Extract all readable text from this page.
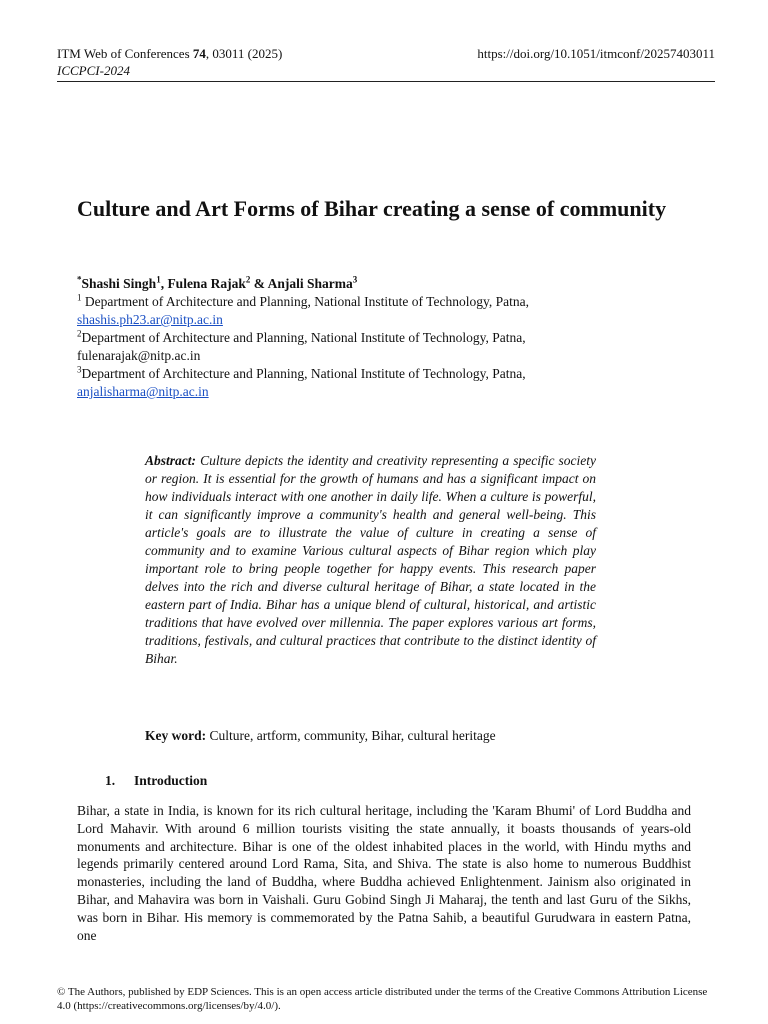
ITM Web of Conferences 74, 03011 (2025)	https://doi.org/10.1051/itmconf/20257403011
ICCPCI-2024
Culture and Art Forms of Bihar creating a sense of community
*Shashi Singh$^1$, Fulena Rajak$^2$ & Anjali Sharma$^3$
$^1$ Department of Architecture and Planning, National Institute of Technology, Patna,
shashis.ph23.ar@nitp.ac.in
$^2$Department of Architecture and Planning, National Institute of Technology, Patna,
fulenarajak@nitp.ac.in
$^3$Department of Architecture and Planning, National Institute of Technology, Patna,
anjalisharma@nitp.ac.in
Abstract: Culture depicts the identity and creativity representing a specific society or region. It is essential for the growth of humans and has a significant impact on how individuals interact with one another in daily life. When a culture is powerful, it can significantly improve a community's health and general well-being. This article's goals are to illustrate the value of culture in creating a sense of community and to examine Various cultural aspects of Bihar region which play important role to bring people together for happy events. This research paper delves into the rich and diverse cultural heritage of Bihar, a state located in the eastern part of India. Bihar has a unique blend of cultural, historical, and artistic traditions that have evolved over millennia. The paper explores various art forms, traditions, festivals, and cultural practices that contribute to the distinct identity of Bihar.
Key word: Culture, artform, community, Bihar, cultural heritage
1. Introduction
Bihar, a state in India, is known for its rich cultural heritage, including the 'Karam Bhumi' of Lord Buddha and Lord Mahavir. With around 6 million tourists visiting the state annually, it boasts thousands of years-old monuments and architecture. Bihar is one of the oldest inhabited places in the world, with Hindu myths and legends primarily centered around Lord Rama, Sita, and Shiva. The state is also home to numerous Buddhist monasteries, including the land of Buddha, where Buddha achieved Enlightenment. Jainism also originated in Bihar, and Mahavira was born in Vaishali. Guru Gobind Singh Ji Maharaj, the tenth and last Guru of the Sikhs, was born in Bihar. His memory is commemorated by the Patna Sahib, a beautiful Gurudwara in eastern Patna, one
© The Authors, published by EDP Sciences. This is an open access article distributed under the terms of the Creative Commons Attribution License 4.0 (https://creativecommons.org/licenses/by/4.0/).
